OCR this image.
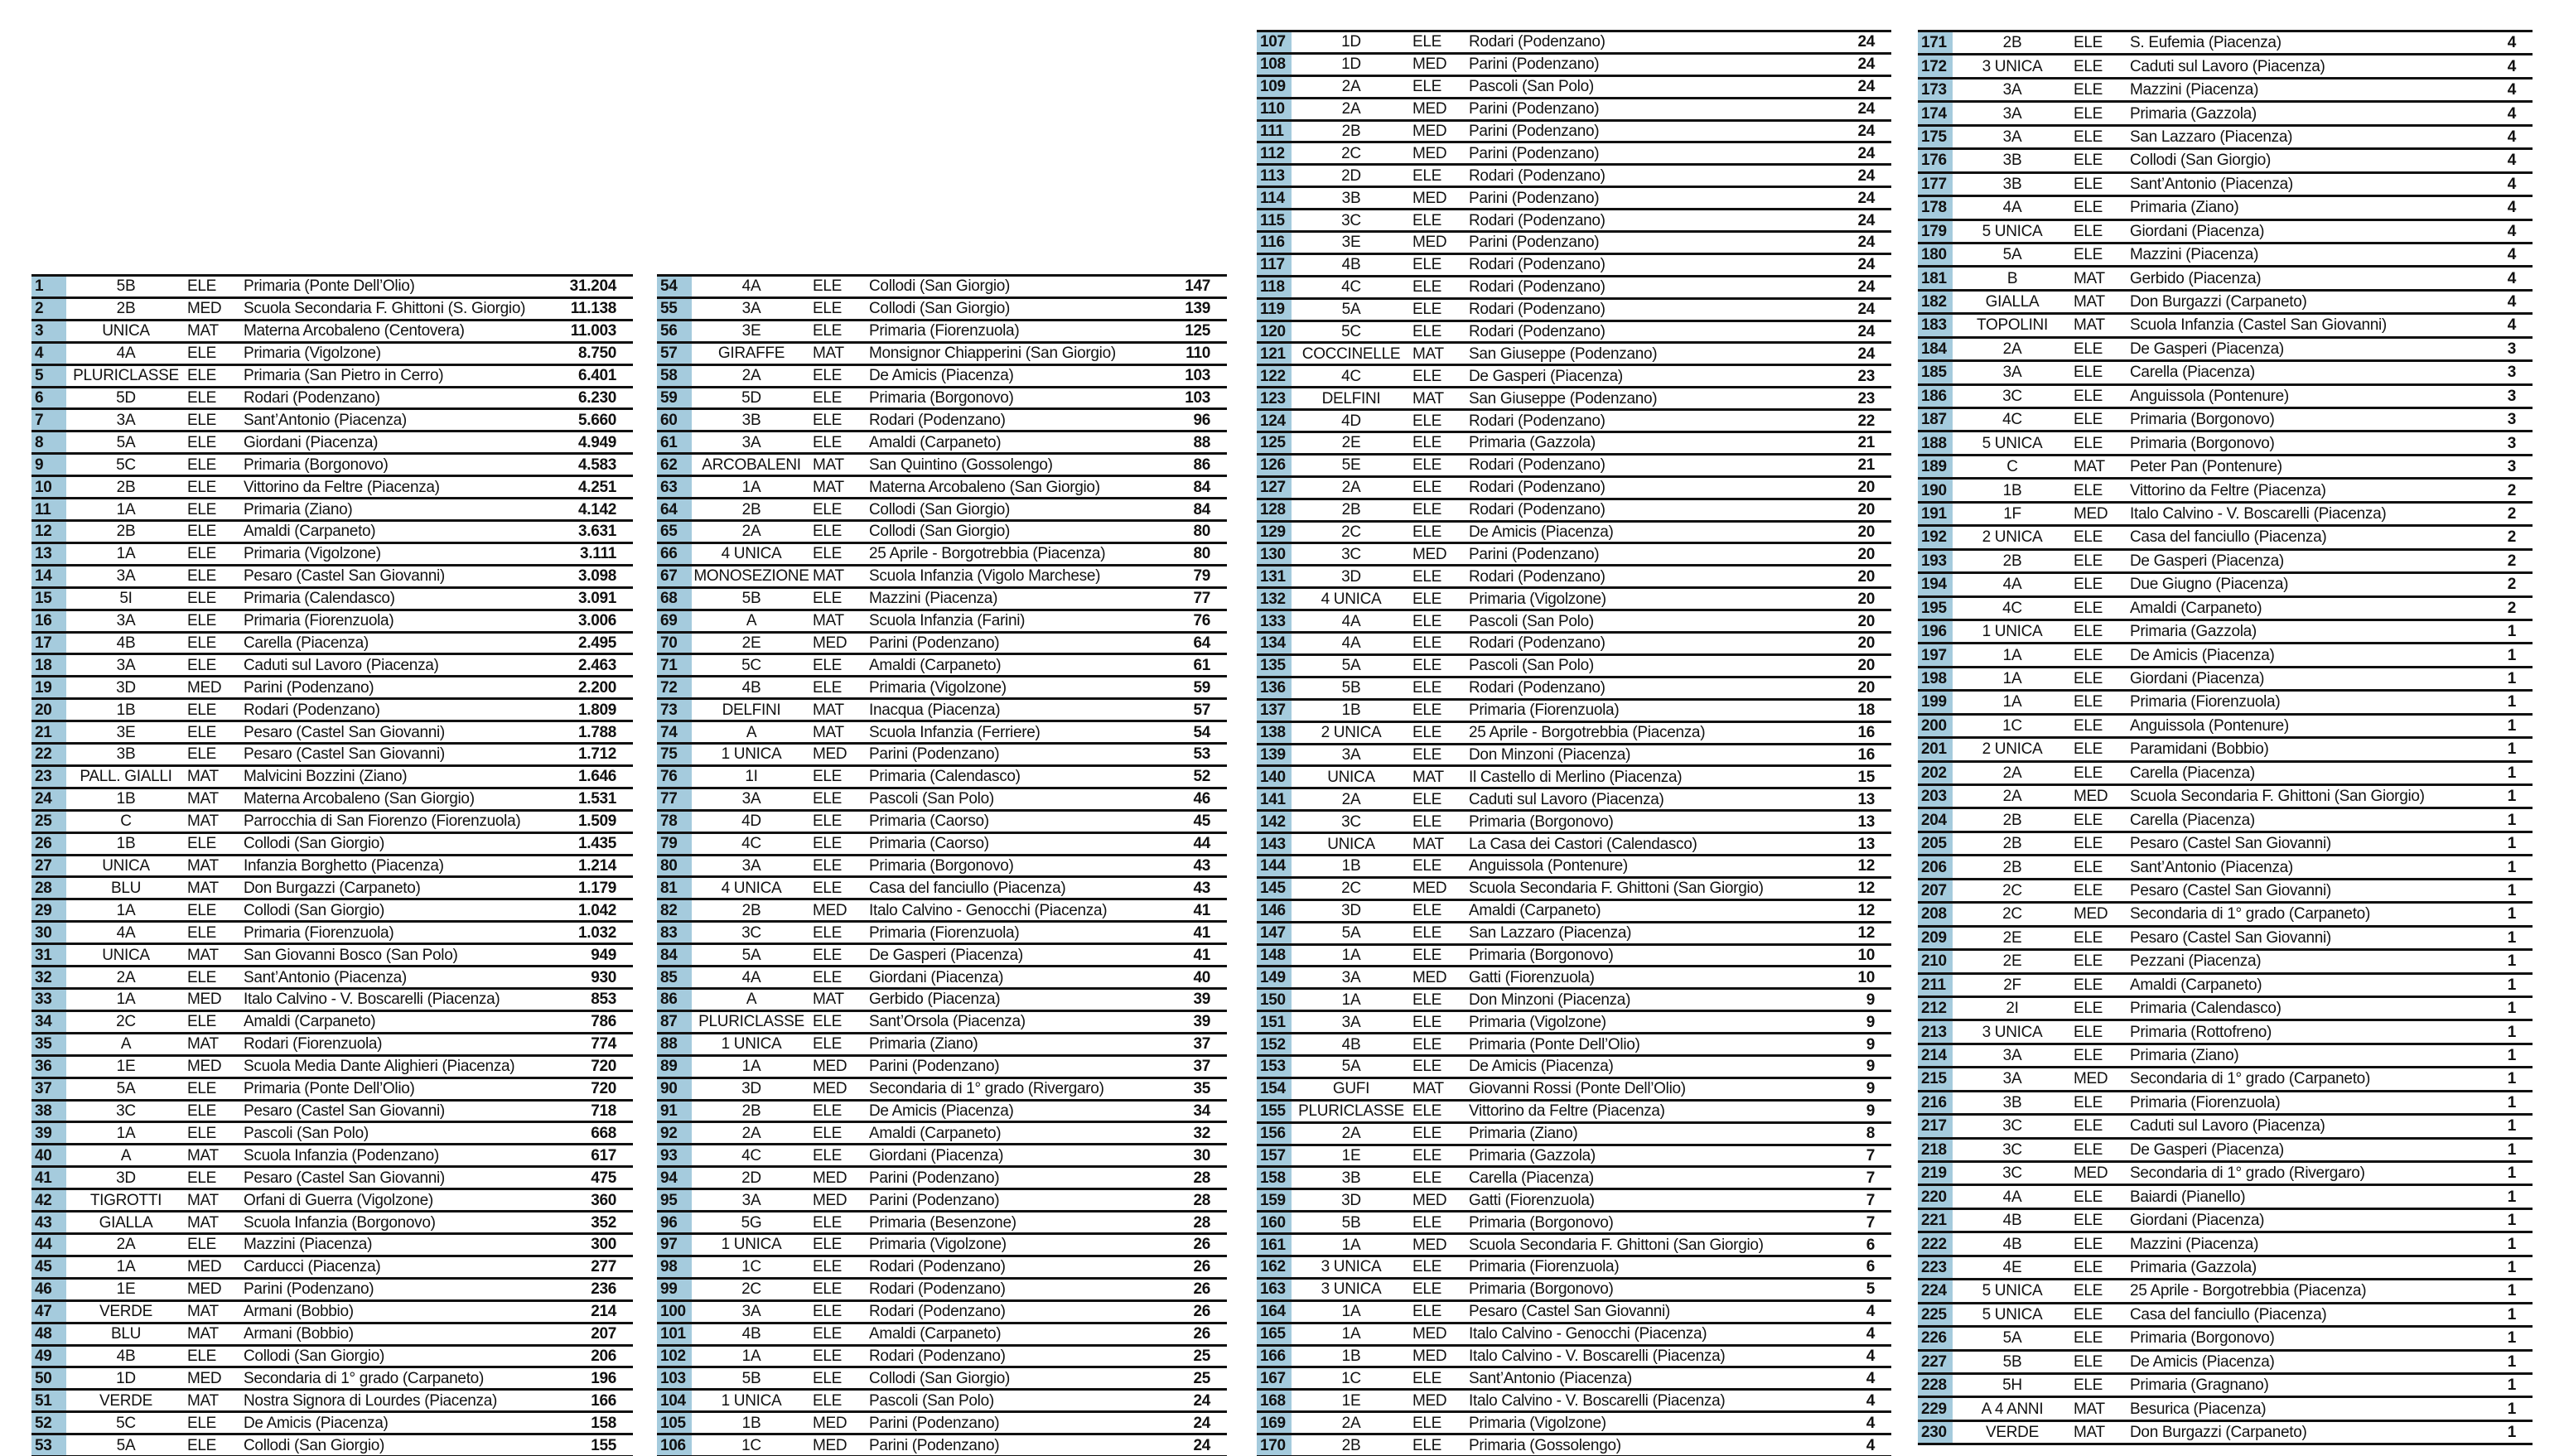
1	5B	ELE	Primaria (Ponte Dell’Olio)	31.204
2	2B	MED	Scuola Secondaria F. Ghittoni (S. Giorgio)	11.138
3	UNICA	MAT	Materna Arcobaleno (Centovera)	11.003
4	4A	ELE	Primaria (Vigolzone)	8.750
5	PLURICLASSE ELE	Primaria (San Pietro in Cerro)	6.401
6	5D	ELE	Rodari (Podenzano)	6.230
7	3A	ELE	Sant’Antonio (Piacenza)	5.660
8	5A	ELE	Giordani (Piacenza)	4.949
9	5C	ELE	Primaria (Borgonovo)	4.583
10	2B	ELE	Vittorino da Feltre (Piacenza)	4.251
11	1A	ELE	Primaria (Ziano)	4.142
12	2B	ELE	Amaldi (Carpaneto)	3.631
13	1A	ELE	Primaria (Vigolzone)	3.111
14	3A	ELE	Pesaro (Castel San Giovanni)	3.098
15	5I	ELE	Primaria (Calendasco)	3.091
16	3A	ELE	Primaria (Fiorenzuola)	3.006
17	4B	ELE	Carella (Piacenza)	2.495
18	3A	ELE	Caduti sul Lavoro (Piacenza)	2.463
19	3D	MED	Parini (Podenzano)	2.200
20	1B	ELE	Rodari (Podenzano)	1.809
21	3E	ELE	Pesaro (Castel San Giovanni)	1.788
22	3B	ELE	Pesaro (Castel San Giovanni)	1.712
23	PALL. GIALLI MAT	Malvicini Bozzini (Ziano)	1.646
24	1B	MAT	Materna Arcobaleno (San Giorgio)	1.531
25	C	MAT	Parrocchia di San Fiorenzo (Fiorenzuola)	1.509
26	1B	ELE	Collodi (San Giorgio)	1.435
27	UNICA	MAT	Infanzia Borghetto (Piacenza)	1.214
28	BLU	MAT	Don Burgazzi (Carpaneto)	1.179
29	1A	ELE	Collodi (San Giorgio)	1.042
30	4A	ELE	Primaria (Fiorenzuola)	1.032
31	UNICA	MAT	San Giovanni Bosco (San Polo)	949
32	2A	ELE	Sant’Antonio (Piacenza)	930
33	1A	MED	Italo Calvino - V. Boscarelli (Piacenza)	853
34	2C	ELE	Amaldi (Carpaneto)	786
35	A	MAT	Rodari (Fiorenzuola)	774
36	1E	MED	Scuola Media Dante Alighieri (Piacenza)	720
37	5A	ELE	Primaria (Ponte Dell’Olio)	720
38	3C	ELE	Pesaro (Castel San Giovanni)	718
39	1A	ELE	Pascoli (San Polo)	668
40	A	MAT	Scuola Infanzia (Podenzano)	617
41	3D	ELE	Pesaro (Castel San Giovanni)	475
42	TIGROTTI	MAT	Orfani di Guerra (Vigolzone)	360
43	GIALLA	MAT	Scuola Infanzia (Borgonovo)	352
44	2A	ELE	Mazzini (Piacenza)	300
45	1A	MED	Carducci (Piacenza)	277
46	1E	MED	Parini (Podenzano)	236
47	VERDE	MAT	Armani (Bobbio)	214
48	BLU	MAT	Armani (Bobbio)	207
49	4B	ELE	Collodi (San Giorgio)	206
50	1D	MED	Secondaria di 1° grado (Carpaneto)	196
51	VERDE	MAT	Nostra Signora di Lourdes (Piacenza)	166
52	5C	ELE	De Amicis (Piacenza)	158
53	5A	ELE	Collodi (San Giorgio)	155
54	4A	ELE	Collodi (San Giorgio)	147
55	3A	ELE	Collodi (San Giorgio)	139
56	3E	ELE	Primaria (Fiorenzuola)	125
57	GIRAFFE	MAT	Monsignor Chiapperini (San Giorgio)	110
58	2A	ELE	De Amicis (Piacenza)	103
59	5D	ELE	Primaria (Borgonovo)	103
60	3B	ELE	Rodari (Podenzano)	96
61	3A	ELE	Amaldi (Carpaneto)	88
62	ARCOBALENI MAT	San Quintino (Gossolengo)	86
63	1A	MAT	Materna Arcobaleno (San Giorgio)	84
64	2B	ELE	Collodi (San Giorgio)	84
65	2A	ELE	Collodi (San Giorgio)	80
66	4 UNICA	ELE	25 Aprile - Borgotrebbia (Piacenza)	80
67	MONOSEZIONE MAT	Scuola Infanzia (Vigolo Marchese)	79
68	5B	ELE	Mazzini (Piacenza)	77
69	A	MAT	Scuola Infanzia (Farini)	76
70	2E	MED	Parini (Podenzano)	64
71	5C	ELE	Amaldi (Carpaneto)	61
72	4B	ELE	Primaria (Vigolzone)	59
73	DELFINI	MAT	Inacqua (Piacenza)	57
74	A	MAT	Scuola Infanzia (Ferriere)	54
75	1 UNICA	MED	Parini (Podenzano)	53
76	1I	ELE	Primaria (Calendasco)	52
77	3A	ELE	Pascoli (San Polo)	46
78	4D	ELE	Primaria (Caorso)	45
79	4C	ELE	Primaria (Caorso)	44
80	3A	ELE	Primaria (Borgonovo)	43
81	4 UNICA	ELE	Casa del fanciullo (Piacenza)	43
82	2B	MED	Italo Calvino - Genocchi (Piacenza)	41
83	3C	ELE	Primaria (Fiorenzuola)	41
84	5A	ELE	De Gasperi (Piacenza)	41
85	4A	ELE	Giordani (Piacenza)	40
86	A	MAT	Gerbido (Piacenza)	39
87	PLURICLASSE ELE	Sant’Orsola (Piacenza)	39
88	1 UNICA	ELE	Primaria (Ziano)	37
89	1A	MED	Parini (Podenzano)	37
90	3D	MED	Secondaria di 1° grado (Rivergaro)	35
91	2B	ELE	De Amicis (Piacenza)	34
92	2A	ELE	Amaldi (Carpaneto)	32
93	4C	ELE	Giordani (Piacenza)	30
94	2D	MED	Parini (Podenzano)	28
95	3A	MED	Parini (Podenzano)	28
96	5G	ELE	Primaria (Besenzone)	28
97	1 UNICA	ELE	Primaria (Vigolzone)	26
98	1C	ELE	Rodari (Podenzano)	26
99	2C	ELE	Rodari (Podenzano)	26
100	3A	ELE	Rodari (Podenzano)	26
101	4B	ELE	Amaldi (Carpaneto)	26
102	1A	ELE	Rodari (Podenzano)	25
103	5B	ELE	Collodi (San Giorgio)	25
104	1 UNICA	ELE	Pascoli (San Polo)	24
105	1B	MED	Parini (Podenzano)	24
106	1C	MED	Parini (Podenzano)	24
107	1D	ELE	Rodari (Podenzano)	24
108	1D	MED	Parini (Podenzano)	24
109	2A	ELE	Pascoli (San Polo)	24
110	2A	MED	Parini (Podenzano)	24
111	2B	MED	Parini (Podenzano)	24
112	2C	MED	Parini (Podenzano)	24
113	2D	ELE	Rodari (Podenzano)	24
114	3B	MED	Parini (Podenzano)	24
115	3C	ELE	Rodari (Podenzano)	24
116	3E	MED	Parini (Podenzano)	24
117	4B	ELE	Rodari (Podenzano)	24
118	4C	ELE	Rodari (Podenzano)	24
119	5A	ELE	Rodari (Podenzano)	24
120	5C	ELE	Rodari (Podenzano)	24
121	COCCINELLE MAT	San Giuseppe (Podenzano)	24
122	4C	ELE	De Gasperi (Piacenza)	23
123	DELFINI	MAT	San Giuseppe (Podenzano)	23
124	4D	ELE	Rodari (Podenzano)	22
125	2E	ELE	Primaria (Gazzola)	21
126	5E	ELE	Rodari (Podenzano)	21
127	2A	ELE	Rodari (Podenzano)	20
128	2B	ELE	Rodari (Podenzano)	20
129	2C	ELE	De Amicis (Piacenza)	20
130	3C	MED	Parini (Podenzano)	20
131	3D	ELE	Rodari (Podenzano)	20
132	4 UNICA	ELE	Primaria (Vigolzone)	20
133	4A	ELE	Pascoli (San Polo)	20
134	4A	ELE	Rodari (Podenzano)	20
135	5A	ELE	Pascoli (San Polo)	20
136	5B	ELE	Rodari (Podenzano)	20
137	1B	ELE	Primaria (Fiorenzuola)	18
138	2 UNICA	ELE	25 Aprile - Borgotrebbia (Piacenza)	16
139	3A	ELE	Don Minzoni (Piacenza)	16
140	UNICA	MAT	Il Castello di Merlino (Piacenza)	15
141	2A	ELE	Caduti sul Lavoro (Piacenza)	13
142	3C	ELE	Primaria (Borgonovo)	13
143	UNICA	MAT	La Casa dei Castori (Calendasco)	13
144	1B	ELE	Anguissola (Pontenure)	12
145	2C	MED	Scuola Secondaria F. Ghittoni (San Giorgio)	12
146	3D	ELE	Amaldi (Carpaneto)	12
147	5A	ELE	San Lazzaro (Piacenza)	12
148	1A	ELE	Primaria (Borgonovo)	10
149	3A	MED	Gatti (Fiorenzuola)	10
150	1A	ELE	Don Minzoni (Piacenza)	9
151	3A	ELE	Primaria (Vigolzone)	9
152	4B	ELE	Primaria (Ponte Dell’Olio)	9
153	5A	ELE	De Amicis (Piacenza)	9
154	GUFI	MAT	Giovanni Rossi (Ponte Dell’Olio)	9
155 PLURICLASSE ELE	Vittorino da Feltre (Piacenza)	9
156	2A	ELE	Primaria (Ziano)	8
157	1E	ELE	Primaria (Gazzola)	7
158	3B	ELE	Carella (Piacenza)	7
159	3D	MED	Gatti (Fiorenzuola)	7
160	5B	ELE	Primaria (Borgonovo)	7
161	1A	MED	Scuola Secondaria F. Ghittoni (San Giorgio)	6
162	3 UNICA	ELE	Primaria (Fiorenzuola)	6
163	3 UNICA	ELE	Primaria (Borgonovo)	5
164	1A	ELE	Pesaro (Castel San Giovanni)	4
165	1A	MED	Italo Calvino - Genocchi (Piacenza)	4
166	1B	MED	Italo Calvino - V. Boscarelli (Piacenza)	4
167	1C	ELE	Sant’Antonio (Piacenza)	4
168	1E	MED	Italo Calvino - V. Boscarelli (Piacenza)	4
169	2A	ELE	Primaria (Vigolzone)	4
170	2B	ELE	Primaria (Gossolengo)	4
171	2B	ELE	S. Eufemia (Piacenza)	4
172	3 UNICA	ELE	Caduti sul Lavoro (Piacenza)	4
173	3A	ELE	Mazzini (Piacenza)	4
174	3A	ELE	Primaria (Gazzola)	4
175	3A	ELE	San Lazzaro (Piacenza)	4
176	3B	ELE	Collodi (San Giorgio)	4
177	3B	ELE	Sant’Antonio (Piacenza)	4
178	4A	ELE	Primaria (Ziano)	4
179	5 UNICA	ELE	Giordani (Piacenza)	4
180	5A	ELE	Mazzini (Piacenza)	4
181	B	MAT	Gerbido (Piacenza)	4
182	GIALLA	MAT	Don Burgazzi (Carpaneto)	4
183	TOPOLINI	MAT	Scuola Infanzia (Castel San Giovanni)	4
184	2A	ELE	De Gasperi (Piacenza)	3
185	3A	ELE	Carella (Piacenza)	3
186	3C	ELE	Anguissola (Pontenure)	3
187	4C	ELE	Primaria (Borgonovo)	3
188	5 UNICA	ELE	Primaria (Borgonovo)	3
189	C	MAT	Peter Pan (Pontenure)	3
190	1B	ELE	Vittorino da Feltre (Piacenza)	2
191	1F	MED	Italo Calvino - V. Boscarelli (Piacenza)	2
192	2 UNICA	ELE	Casa del fanciullo (Piacenza)	2
193	2B	ELE	De Gasperi (Piacenza)	2
194	4A	ELE	Due Giugno (Piacenza)	2
195	4C	ELE	Amaldi (Carpaneto)	2
196	1 UNICA	ELE	Primaria (Gazzola)	1
197	1A	ELE	De Amicis (Piacenza)	1
198	1A	ELE	Giordani (Piacenza)	1
199	1A	ELE	Primaria (Fiorenzuola)	1
200	1C	ELE	Anguissola (Pontenure)	1
201	2 UNICA	ELE	Paramidani (Bobbio)	1
202	2A	ELE	Carella (Piacenza)	1
203	2A	MED	Scuola Secondaria F. Ghittoni (San Giorgio)	1
204	2B	ELE	Carella (Piacenza)	1
205	2B	ELE	Pesaro (Castel San Giovanni)	1
206	2B	ELE	Sant’Antonio (Piacenza)	1
207	2C	ELE	Pesaro (Castel San Giovanni)	1
208	2C	MED	Secondaria di 1° grado (Carpaneto)	1
209	2E	ELE	Pesaro (Castel San Giovanni)	1
210	2E	ELE	Pezzani (Piacenza)	1
211	2F	ELE	Amaldi (Carpaneto)	1
212	2I	ELE	Primaria (Calendasco)	1
213	3 UNICA	ELE	Primaria (Rottofreno)	1
214	3A	ELE	Primaria (Ziano)	1
215	3A	MED	Secondaria di 1° grado (Carpaneto)	1
216	3B	ELE	Primaria (Fiorenzuola)	1
217	3C	ELE	Caduti sul Lavoro (Piacenza)	1
218	3C	ELE	De Gasperi (Piacenza)	1
219	3C	MED	Secondaria di 1° grado (Rivergaro)	1
220	4A	ELE	Baiardi (Pianello)	1
221	4B	ELE	Giordani (Piacenza)	1
222	4B	ELE	Mazzini (Piacenza)	1
223	4E	ELE	Primaria (Gazzola)	1
224	5 UNICA	ELE	25 Aprile - Borgotrebbia (Piacenza)	1
225	5 UNICA	ELE	Casa del fanciullo (Piacenza)	1
226	5A	ELE	Primaria (Borgonovo)	1
227	5B	ELE	De Amicis (Piacenza)	1
228	5H	ELE	Primaria (Gragnano)	1
229	A 4 ANNI	MAT	Besurica (Piacenza)	1
230	VERDE	MAT	Don Burgazzi (Carpaneto)	1
